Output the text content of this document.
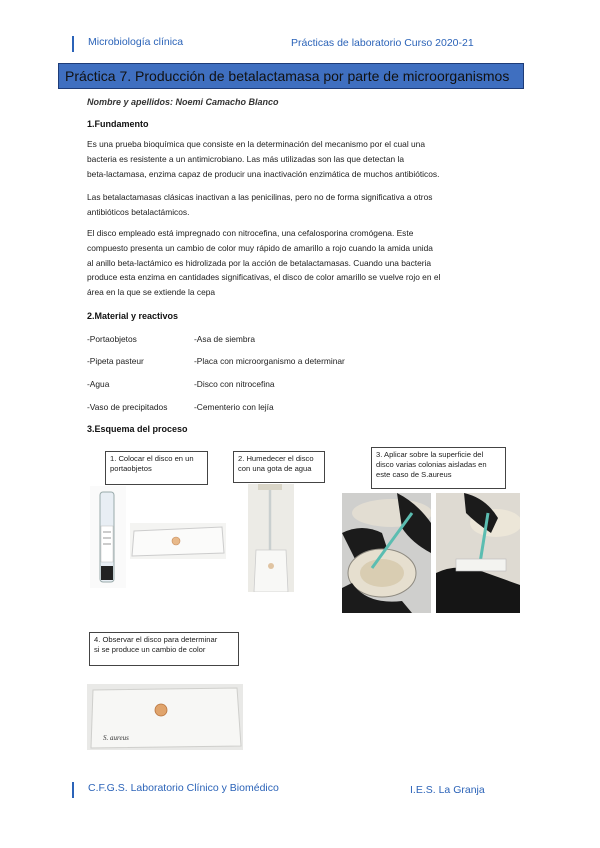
Microbiología clínica	Prácticas de laboratorio Curso 2020-21
Práctica 7. Producción de betalactamasa por parte de microorganismos
Nombre y apellidos: Noemi Camacho Blanco
1.Fundamento
Es una prueba bioquímica que consiste en la determinación del mecanismo por el cual una
bacteria es resistente a un antimicrobiano. Las más utilizadas son las que detectan la
beta-lactamasa, enzima capaz de producir una inactivación enzimática de muchos antibióticos.
Las betalactamasas clásicas inactivan a las penicilinas, pero no de forma significativa a otros
antibióticos betalactámicos.
El disco empleado está impregnado con nitrocefina, una cefalosporina cromógena. Este
compuesto presenta un cambio de color muy rápido de amarillo a rojo cuando la amida unida
al anillo beta-lactámico es hidrolizada por la acción de betalactamasas. Cuando una bacteria
produce esta enzima en cantidades significativas, el disco de color amarillo se vuelve rojo en el
área en la que se extiende la cepa
2.Material y reactivos
-Portaobjetos	-Asa de siembra
-Pipeta pasteur	-Placa con microorganismo a determinar
-Agua	-Disco con nitrocefina
-Vaso de precipitados	-Cementerio con lejía
3.Esquema del proceso
1. Colocar el disco en un
portaobjetos
2. Humedecer el disco
con una gota de agua
3. Aplicar sobre la superficie del
disco varias colonias aisladas en
este caso de S.aureus
4. Observar el disco para determinar
si se produce un cambio de color
S. aureus
C.F.G.S. Laboratorio Clínico y Biomédico	I.E.S. La Granja
